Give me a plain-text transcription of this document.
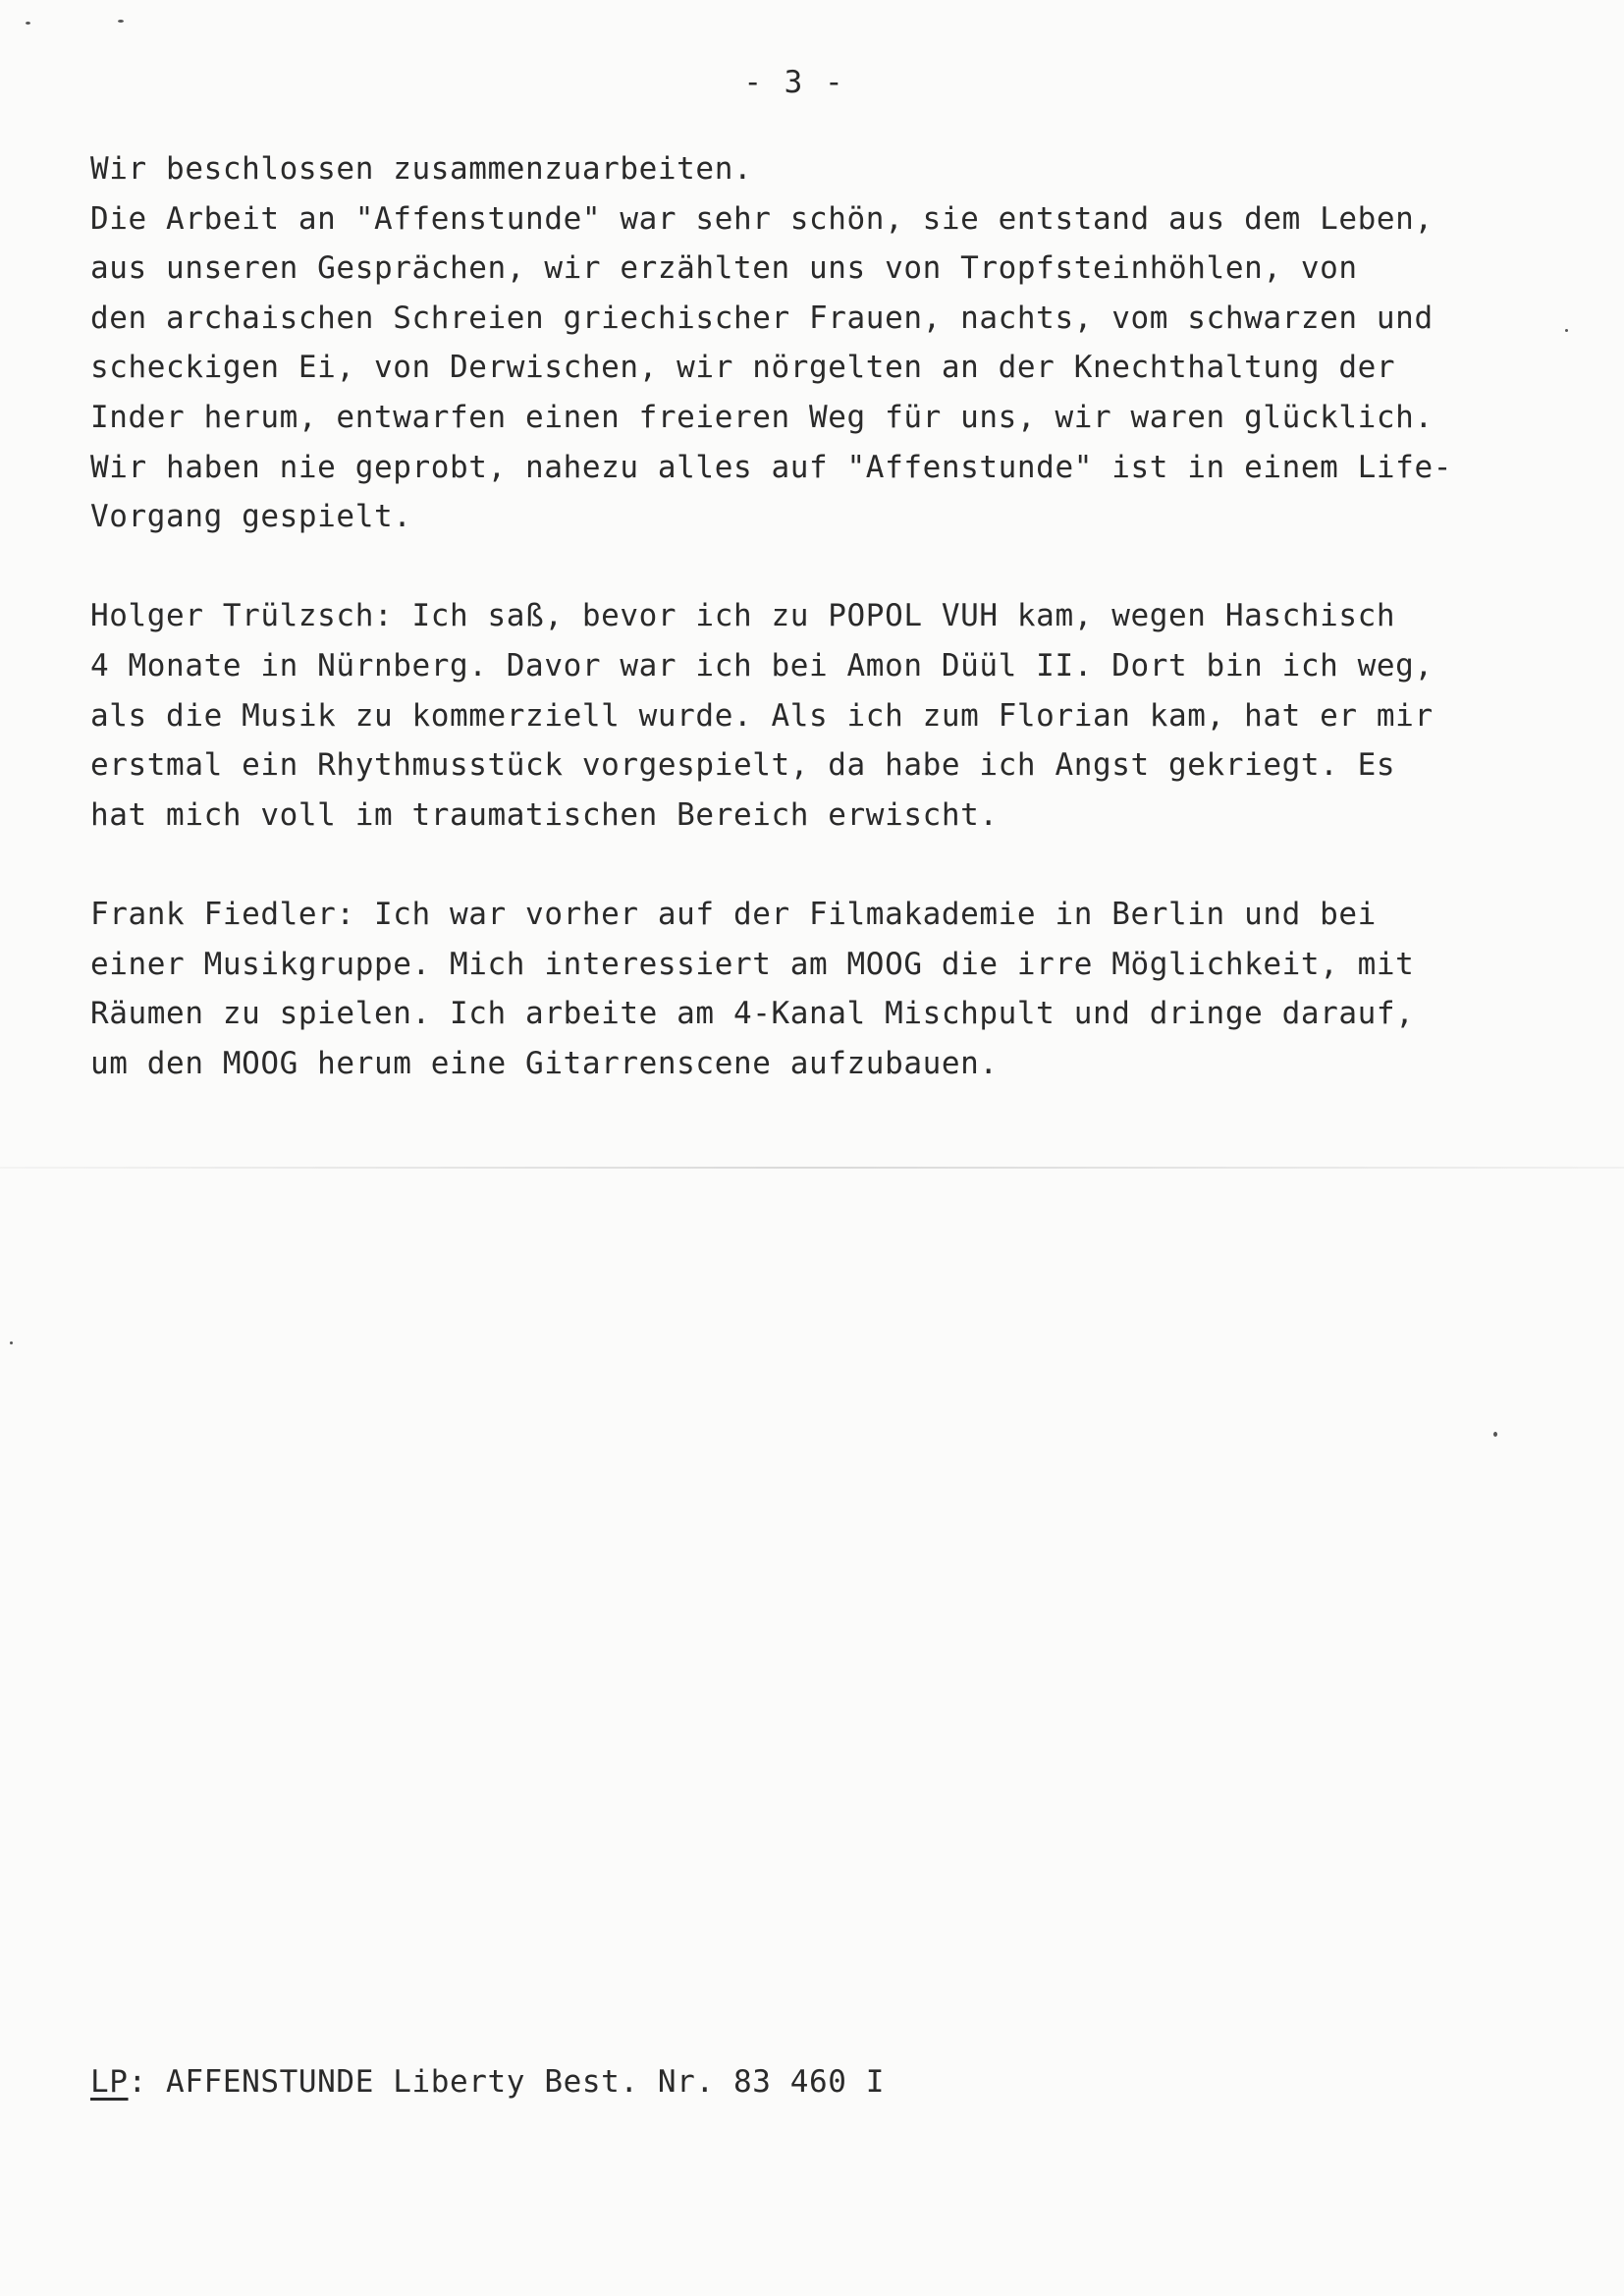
- 3 -
Wir beschlossen zusammenzuarbeiten.
Die Arbeit an "Affenstunde" war sehr schön, sie entstand aus dem Leben,
aus unseren Gesprächen, wir erzählten uns von Tropfsteinhöhlen, von
den archaischen Schreien griechischer Frauen, nachts, vom schwarzen und
scheckigen Ei, von Derwischen, wir nörgelten an der Knechthaltung der
Inder herum, entwarfen einen freieren Weg für uns, wir waren glücklich.
Wir haben nie geprobt, nahezu alles auf "Affenstunde" ist in einem Life-
Vorgang gespielt.
Holger Trülzsch: Ich saß, bevor ich zu POPOL VUH kam, wegen Haschisch
4 Monate in Nürnberg. Davor war ich bei Amon Düül II. Dort bin ich weg,
als die Musik zu kommerziell wurde. Als ich zum Florian kam, hat er mir
erstmal ein Rhythmusstück vorgespielt, da habe ich Angst gekriegt. Es
hat mich voll im traumatischen Bereich erwischt.
Frank Fiedler: Ich war vorher auf der Filmakademie in Berlin und bei
einer Musikgruppe. Mich interessiert am MOOG die irre Möglichkeit, mit
Räumen zu spielen. Ich arbeite am 4-Kanal Mischpult und dringe darauf,
um den MOOG herum eine Gitarrenscene aufzubauen.
LP: AFFENSTUNDE Liberty Best. Nr. 83 460 I
